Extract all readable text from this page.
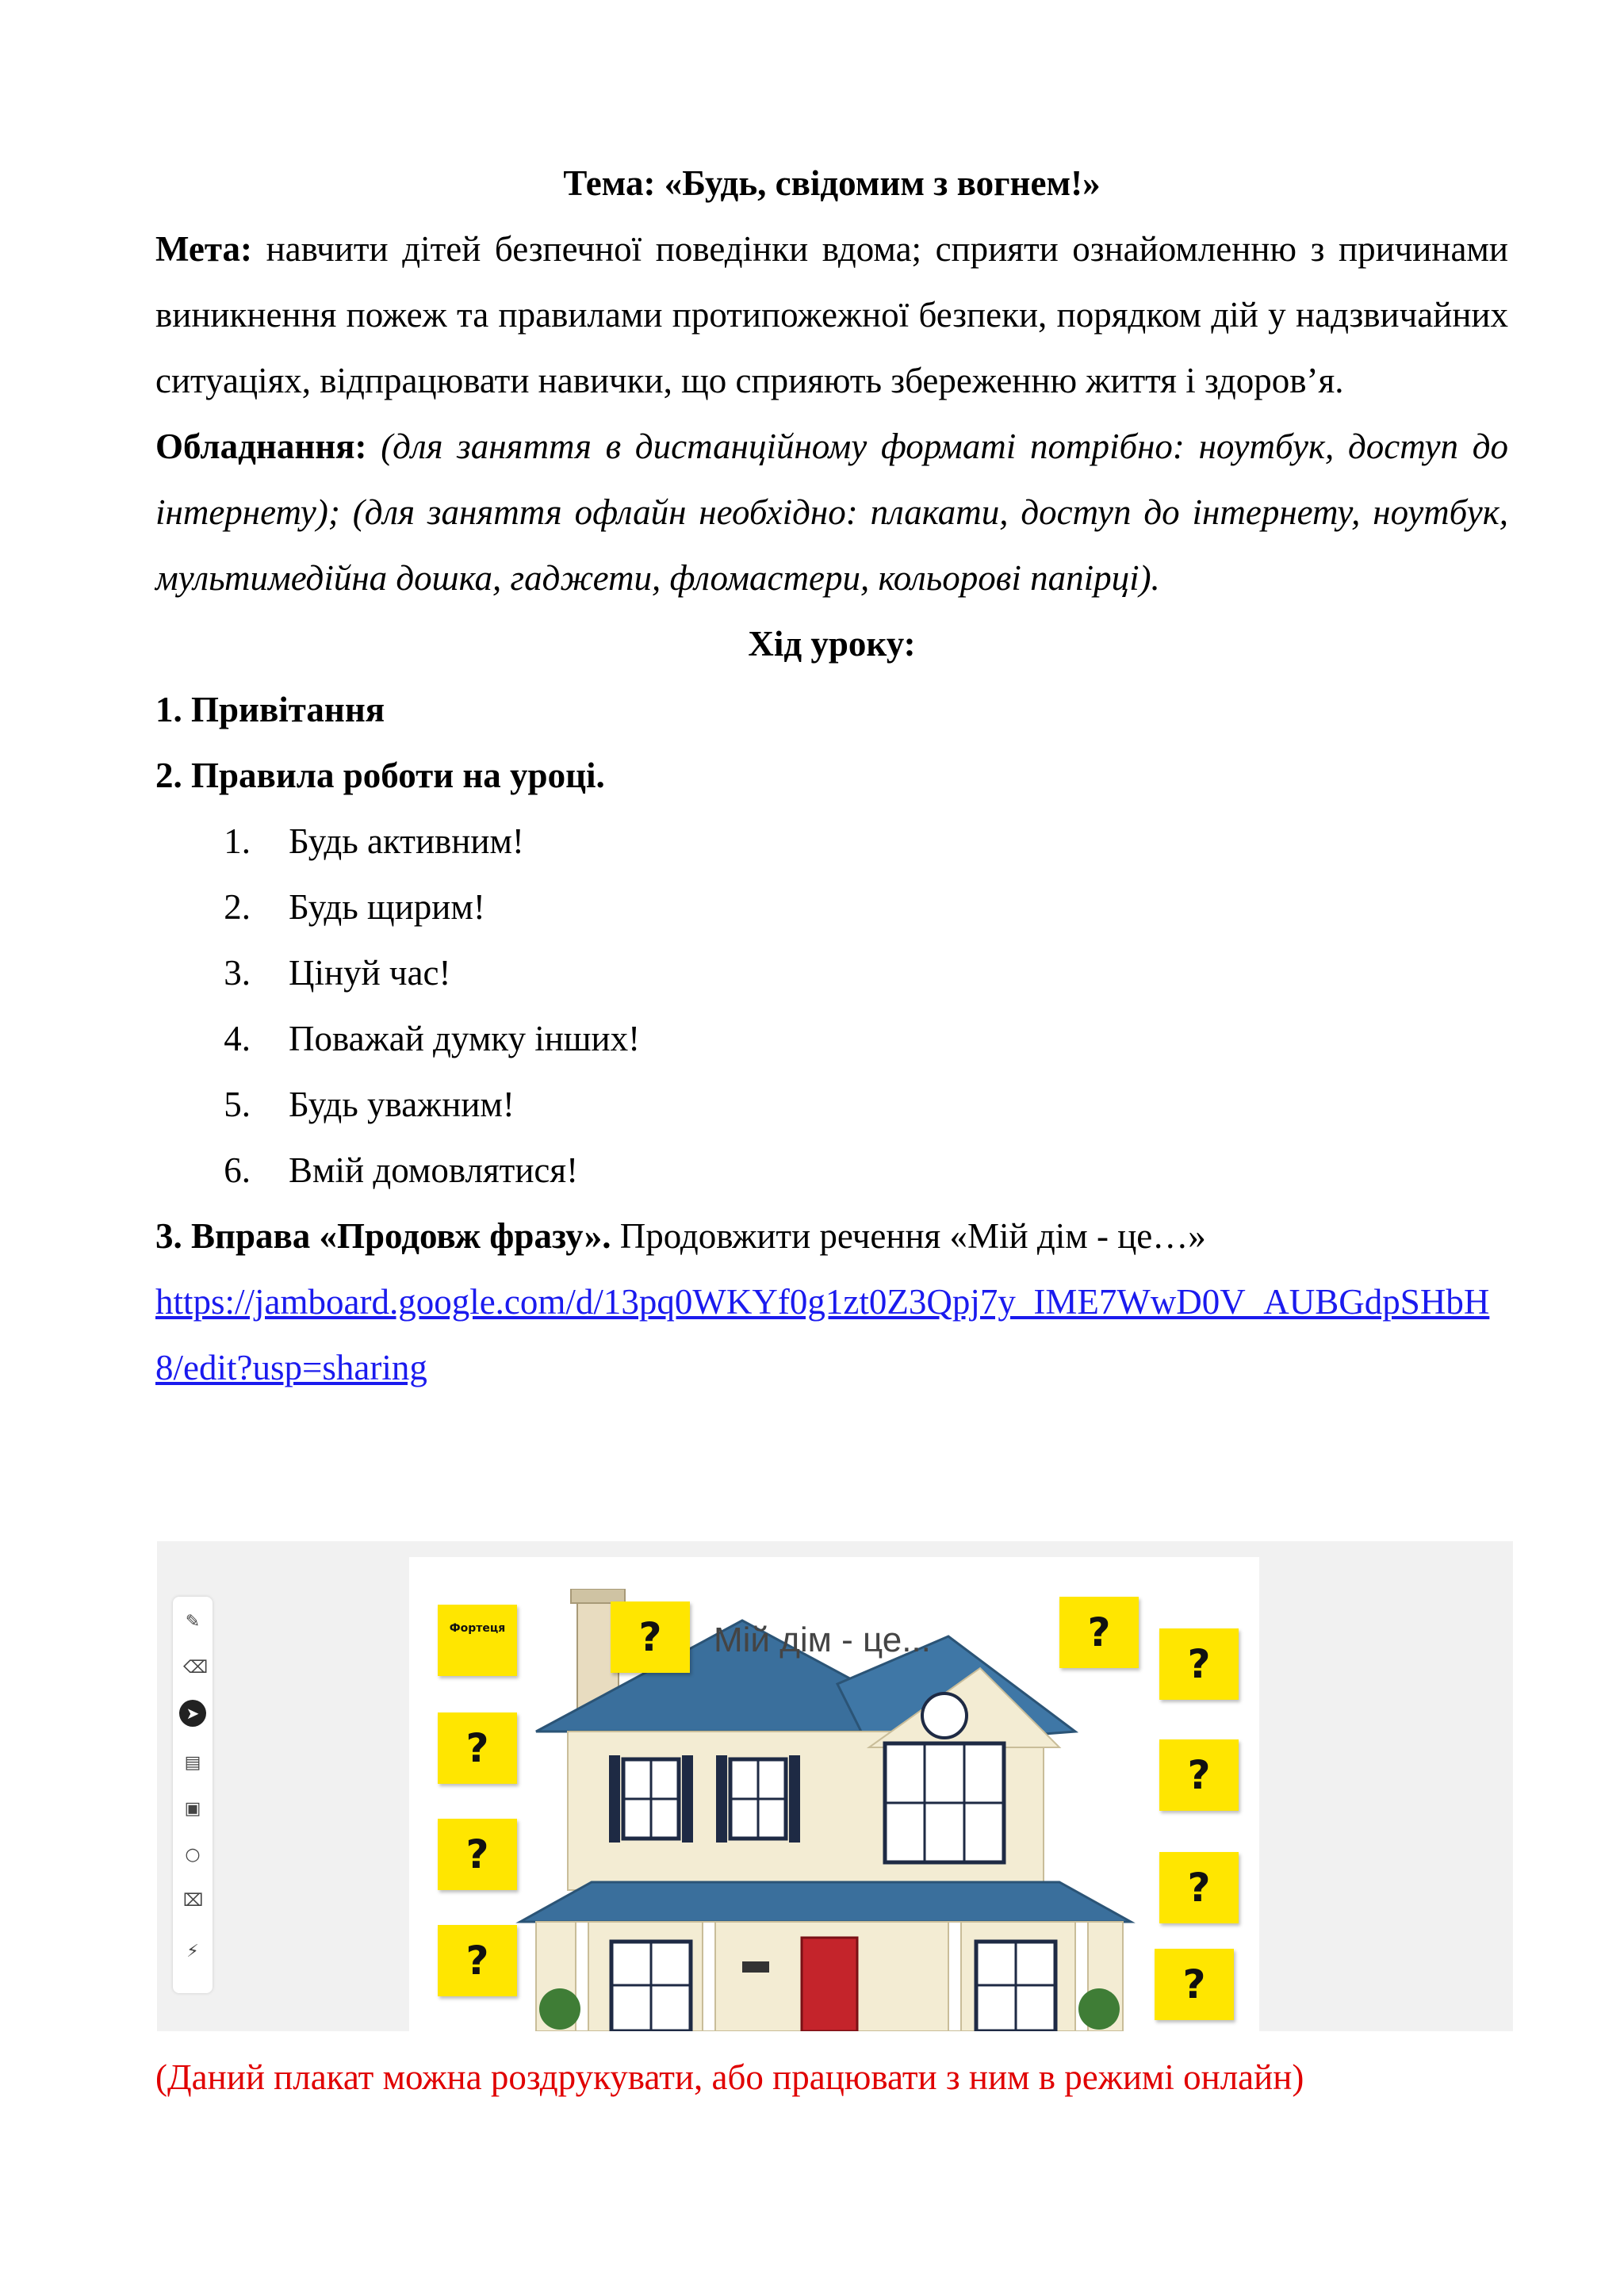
Тема: «Будь, свідомим з вогнем!»

Мета: навчити дітей безпечної поведінки вдома; сприяти ознайомленню з причинами виникнення пожеж та правилами протипожежної безпеки, порядком дій у надзвичайних ситуаціях, відпрацювати навички, що сприяють збереженню життя і здоров’я.

Обладнання: (для заняття в дистанційному форматі потрібно: ноутбук, доступ до інтернету); (для заняття офлайн необхідно: плакати, доступ до інтернету, ноутбук, мультимедійна дошка, гаджети, фломастери, кольорові папірці).

Хід уроку:

1. Привітання

2. Правила роботи на уроці.

1.	Будь активним!
2.	Будь щирим!
3.	Цінуй час!
4.	Поважай думку інших!
5.	Будь уважним!
6.	Вмій домовлятися!

3. Вправа «Продовж фразу». Продовжити речення «Мій дім - це…»

https://jamboard.google.com/d/13pq0WKYf0g1zt0Z3Qpj7y_IME7WwD0V_AUBGdpSHbH8/edit?usp=sharing

✎
⌫
➤
▤
▣
○
⌧
⚡
Мій дім - це...
Фортеця
?
?
?
?	?
?
?
?
?

(Даний плакат можна роздрукувати, або працювати з ним в режимі онлайн)
